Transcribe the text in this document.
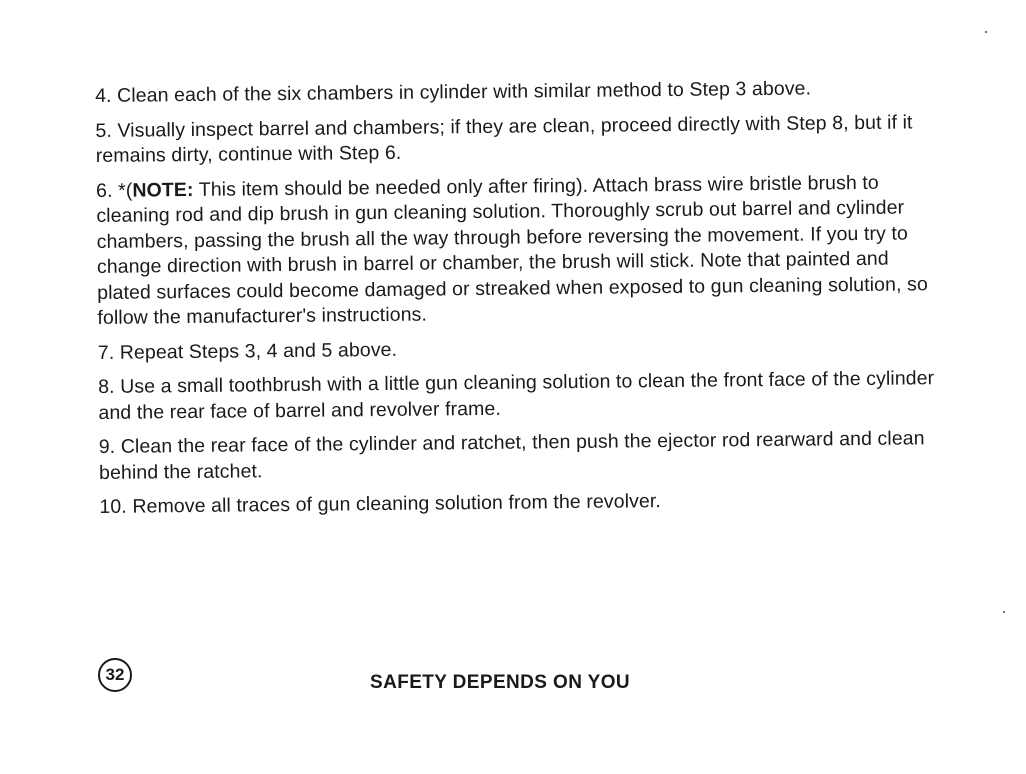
4. Clean each of the six chambers in cylinder with similar method to Step 3 above.
5. Visually inspect barrel and chambers; if they are clean, proceed directly with Step 8, but if it remains dirty, continue with Step 6.
6. *(NOTE: This item should be needed only after firing). Attach brass wire bristle brush to cleaning rod and dip brush in gun cleaning solution. Thoroughly scrub out barrel and cylinder chambers, passing the brush all the way through before reversing the movement. If you try to change direction with brush in barrel or chamber, the brush will stick. Note that painted and plated surfaces could become damaged or streaked when exposed to gun cleaning solution, so follow the manufacturer's instructions.
7. Repeat Steps 3, 4 and 5 above.
8. Use a small toothbrush with a little gun cleaning solution to clean the front face of the cylinder and the rear face of barrel and revolver frame.
9. Clean the rear face of the cylinder and ratchet, then push the ejector rod rearward and clean behind the ratchet.
10. Remove all traces of gun cleaning solution from the revolver.
32	SAFETY DEPENDS ON YOU
